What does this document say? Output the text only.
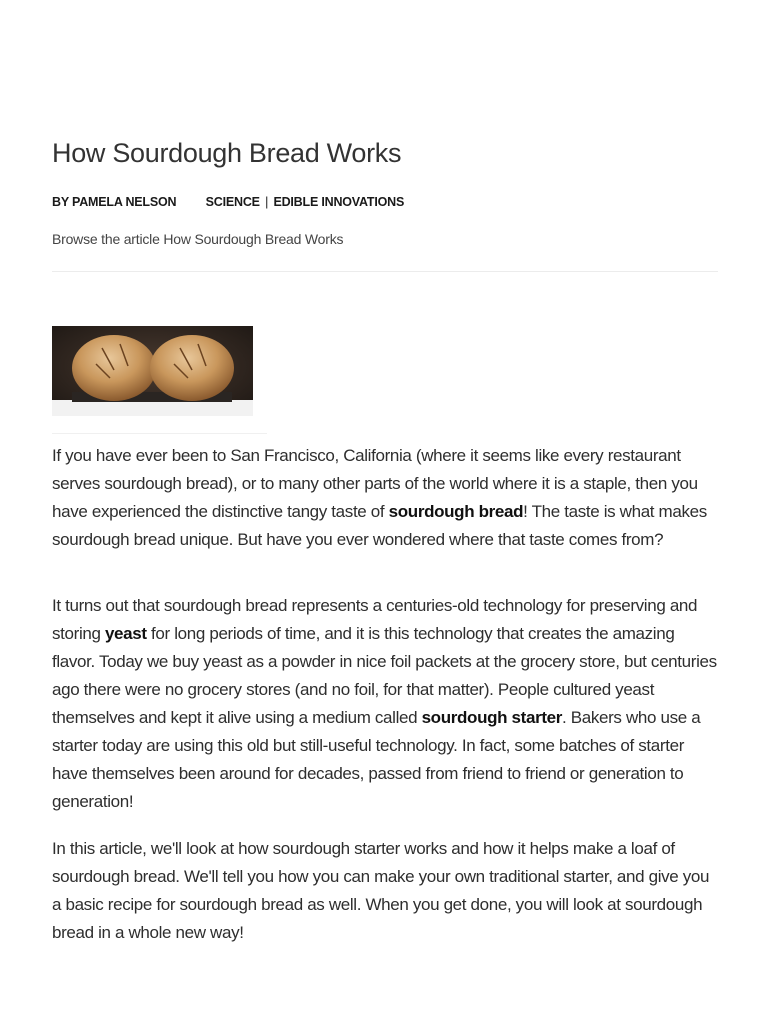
How Sourdough Bread Works
BY PAMELA NELSON SCIENCE | EDIBLE INNOVATIONS
Browse the article How Sourdough Bread Works

If you have ever been to San Francisco, California (where it seems like every restaurant serves sourdough bread), or to many other parts of the world where it is a staple, then you have experienced the distinctive tangy taste of sourdough bread! The taste is what makes sourdough bread unique. But have you ever wondered where that taste comes from?

It turns out that sourdough bread represents a centuries-old technology for preserving and storing yeast for long periods of time, and it is this technology that creates the amazing flavor. Today we buy yeast as a powder in nice foil packets at the grocery store, but centuries ago there were no grocery stores (and no foil, for that matter). People cultured yeast themselves and kept it alive using a medium called sourdough starter. Bakers who use a starter today are using this old but still-useful technology. In fact, some batches of starter have themselves been around for decades, passed from friend to friend or generation to generation!

In this article, we'll look at how sourdough starter works and how it helps make a loaf of sourdough bread. We'll tell you how you can make your own traditional starter, and give you a basic recipe for sourdough bread as well. When you get done, you will look at sourdough bread in a whole new way!
